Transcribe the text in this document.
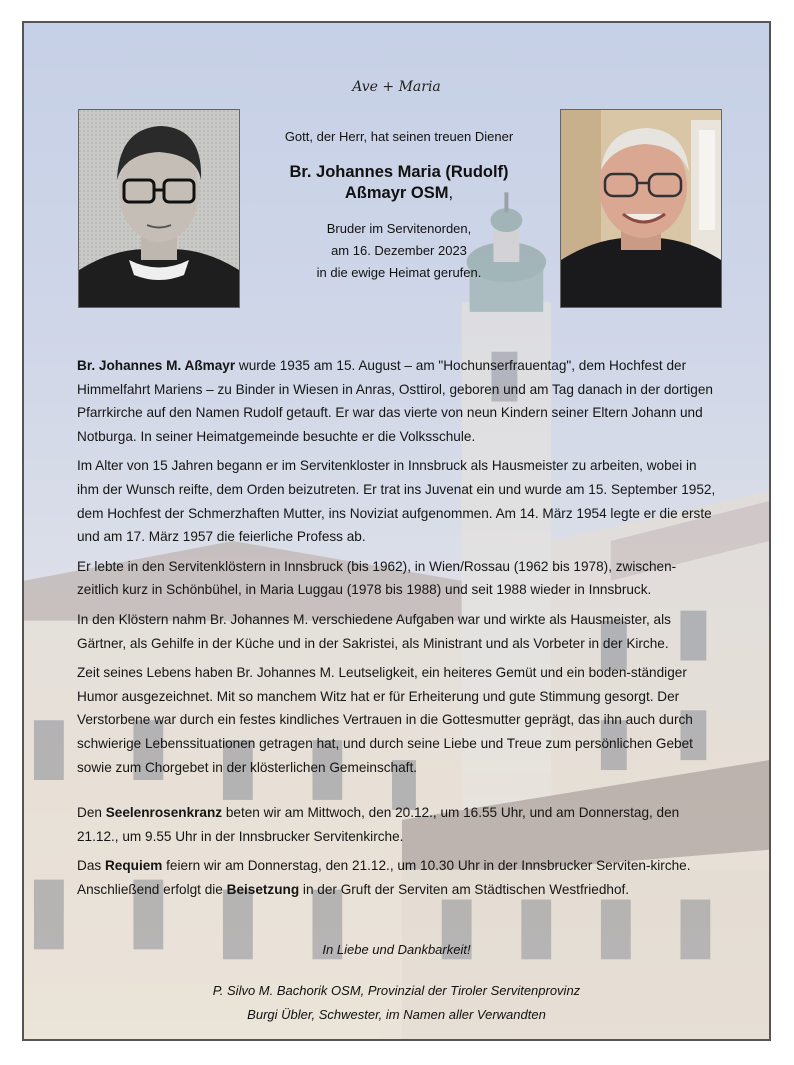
Ave + Maria
Gott, der Herr, hat seinen treuen Diener
Br. Johannes Maria (Rudolf)
Aßmayr OSM,
Bruder im Servitenorden,
am 16. Dezember 2023
in die ewige Heimat gerufen.

Br. Johannes M. Aßmayr wurde 1935 am 15. August – am "Hochunserfrauentag", dem Hochfest der Himmelfahrt Mariens – zu Binder in Wiesen in Anras, Osttirol, geboren und am Tag danach in der dortigen Pfarrkirche auf den Namen Rudolf getauft. Er war das vierte von neun Kindern seiner Eltern Johann und Notburga. In seiner Heimatgemeinde besuchte er die Volksschule.

Im Alter von 15 Jahren begann er im Servitenkloster in Innsbruck als Hausmeister zu arbeiten, wobei in ihm der Wunsch reifte, dem Orden beizutreten. Er trat ins Juvenat ein und wurde am 15. September 1952, dem Hochfest der Schmerzhaften Mutter, ins Noviziat aufgenommen. Am 14. März 1954 legte er die erste und am 17. März 1957 die feierliche Profess ab.

Er lebte in den Servitenklöstern in Innsbruck (bis 1962), in Wien/Rossau (1962 bis 1978), zwischen-zeitlich kurz in Schönbühel, in Maria Luggau (1978 bis 1988) und seit 1988 wieder in Innsbruck.

In den Klöstern nahm Br. Johannes M. verschiedene Aufgaben war und wirkte als Hausmeister, als Gärtner, als Gehilfe in der Küche und in der Sakristei, als Ministrant und als Vorbeter in der Kirche.

Zeit seines Lebens haben Br. Johannes M. Leutseligkeit, ein heiteres Gemüt und ein boden-ständiger Humor ausgezeichnet. Mit so manchem Witz hat er für Erheiterung und gute Stimmung gesorgt. Der Verstorbene war durch ein festes kindliches Vertrauen in die Gottesmutter geprägt, das ihn auch durch schwierige Lebenssituationen getragen hat, und durch seine Liebe und Treue zum persönlichen Gebet sowie zum Chorgebet in der klösterlichen Gemeinschaft.

Den Seelenrosenkranz beten wir am Mittwoch, den 20.12., um 16.55 Uhr, und am Donnerstag, den 21.12., um 9.55 Uhr in der Innsbrucker Servitenkirche.

Das Requiem feiern wir am Donnerstag, den 21.12., um 10.30 Uhr in der Innsbrucker Serviten-kirche. Anschließend erfolgt die Beisetzung in der Gruft der Serviten am Städtischen Westfriedhof.

In Liebe und Dankbarkeit!
P. Silvo M. Bachorik OSM, Provinzial der Tiroler Servitenprovinz
Burgi Übler, Schwester, im Namen aller Verwandten
